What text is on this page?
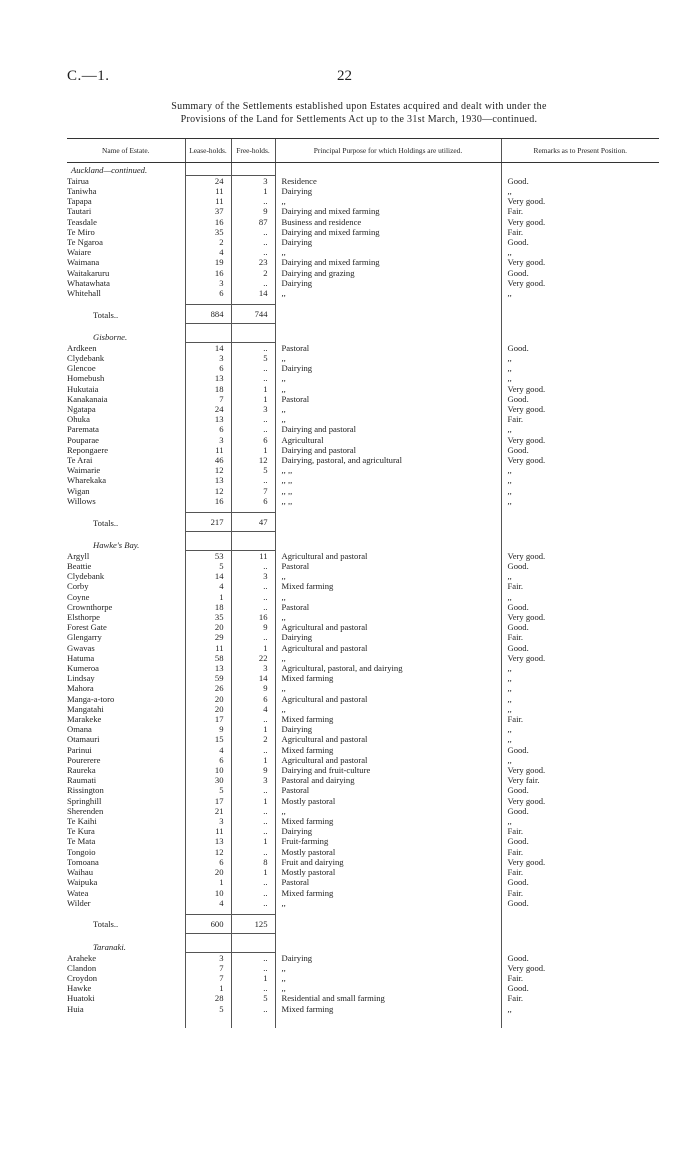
C.—1.	22
Summary of the Settlements established upon Estates acquired and dealt with under the
Provisions of the Land for Settlements Act up to the 31st March, 1930—continued.
Name of Estate.	Lease-holds.	Free-holds.	Principal Purpose for which Holdings are utilized.	Remarks as to Present Position.
Auckland—continued.				
Tairua	24	3	Residence	Good.
Taniwha	11	1	Dairying	,,
Tapapa	11	..	,,	Very good.
Tautari	37	9	Dairying and mixed farming	Fair.
Teasdale	16	87	Business and residence	Very good.
Te Miro	35	..	Dairying and mixed farming	Fair.
Te Ngaroa	2	..	Dairying	Good.
Waiare	4	..	,,	,,
Waimana	19	23	Dairying and mixed farming	Very good.
Waitakaruru	16	2	Dairying and grazing	Good.
Whatawhata	3	..	Dairying	Very good.
Whitehall	6	14	,,	,,

Totals..	884	744		

Gisborne.				
Ardkeen	14	..	Pastoral	Good.
Clydebank	3	5	,,	,,
Glencoe	6	..	Dairying	,,
Homebush	13	..	,,	,,
Hukutaia	18	1	,,	Very good.
Kanakanaia	7	1	Pastoral	Good.
Ngatapa	24	3	,,	Very good.
Ohuka	13	..	,,	Fair.
Paremata	6	..	Dairying and pastoral	,,
Pouparae	3	6	Agricultural	Very good.
Repongaere	11	1	Dairying and pastoral	Good.
Te Arai	46	12	Dairying, pastoral, and agricultural	Very good.
Waimarie	12	5	,, ,,	,,
Wharekaka	13	..	,, ,,	,,
Wigan	12	7	,, ,,	,,
Willows	16	6	,, ,,	,,

Totals..	217	47		

Hawke's Bay.				
Argyll	53	11	Agricultural and pastoral	Very good.
Beattie	5	..	Pastoral	Good.
Clydebank	14	3	,,	,,
Corby	4	..	Mixed farming	Fair.
Coyne	1	..	,,	,,
Crownthorpe	18	..	Pastoral	Good.
Elsthorpe	35	16	,,	Very good.
Forest Gate	20	9	Agricultural and pastoral	Good.
Glengarry	29	..	Dairying	Fair.
Gwavas	11	1	Agricultural and pastoral	Good.
Hatuma	58	22	,,	Very good.
Kumeroa	13	3	Agricultural, pastoral, and dairying	,,
Lindsay	59	14	Mixed farming	,,
Mahora	26	9	,,	,,
Manga-a-toro	20	6	Agricultural and pastoral	,,
Mangatahi	20	4	,,	,,
Marakeke	17	..	Mixed farming	Fair.
Omana	9	1	Dairying	,,
Otamauri	15	2	Agricultural and pastoral	,,
Parinui	4	..	Mixed farming	Good.
Pourerere	6	1	Agricultural and pastoral	,,
Raureka	10	9	Dairying and fruit-culture	Very good.
Raumati	30	3	Pastoral and dairying	Very fair.
Rissington	5	..	Pastoral	Good.
Springhill	17	1	Mostly pastoral	Very good.
Sherenden	21	..	,,	Good.
Te Kaihi	3	..	Mixed farming	,,
Te Kura	11	..	Dairying	Fair.
Te Mata	13	1	Fruit-farming	Good.
Tongoio	12	..	Mostly pastoral	Fair.
Tomoana	6	8	Fruit and dairying	Very good.
Waihau	20	1	Mostly pastoral	Fair.
Waipuka	1	..	Pastoral	Good.
Watea	10	..	Mixed farming	Fair.
Wilder	4	..	,,	Good.

Totals..	600	125		

Taranaki.				
Araheke	3	..	Dairying	Good.
Clandon	7	..	,,	Very good.
Croydon	7	1	,,	Fair.
Hawke	1	..	,,	Good.
Huatoki	28	5	Residential and small farming	Fair.
Huia	5	..	Mixed farming	,,
